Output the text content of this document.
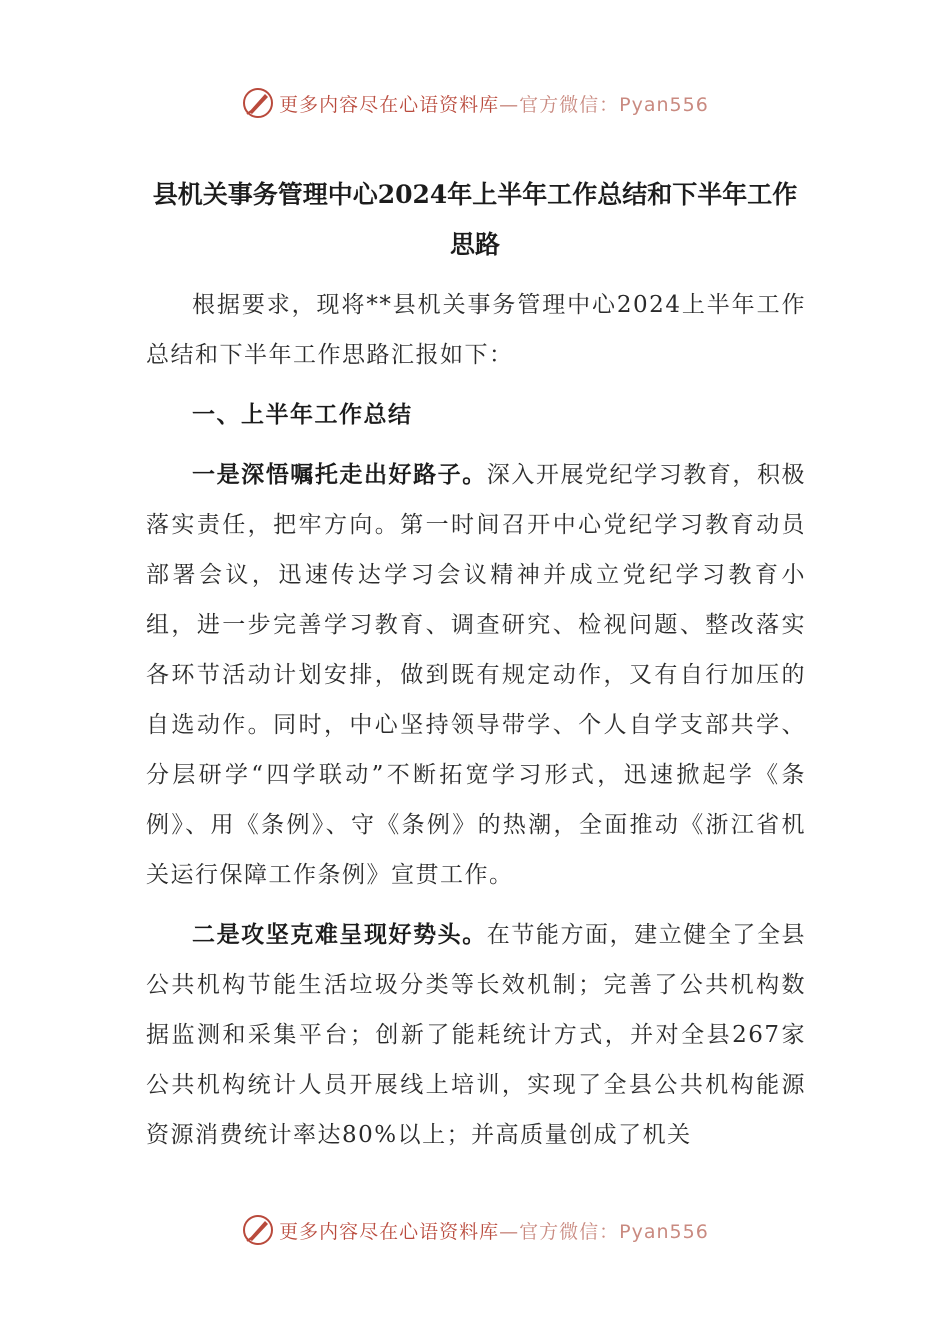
更多内容尽在心语资料库—官方微信：Pyan556
县机关事务管理中心2024年上半年工作总结和下半年工作
思路

根据要求，现将**县机关事务管理中心2024上半年工作总结和下半年工作思路汇报如下：

一、上半年工作总结

一是深悟嘱托走出好路子。深入开展党纪学习教育，积极落实责任，把牢方向。第一时间召开中心党纪学习教育动员部署会议，迅速传达学习会议精神并成立党纪学习教育小组，进一步完善学习教育、调查研究、检视问题、整改落实各环节活动计划安排，做到既有规定动作，又有自行加压的自选动作。同时，中心坚持领导带学、个人自学支部共学、分层研学“四学联动”不断拓宽学习形式，迅速掀起学《条例》、用《条例》、守《条例》的热潮，全面推动《浙江省机关运行保障工作条例》宣贯工作。

二是攻坚克难呈现好势头。在节能方面，建立健全了全县公共机构节能生活垃圾分类等长效机制；完善了公共机构数据监测和采集平台；创新了能耗统计方式，并对全县267家公共机构统计人员开展线上培训，实现了全县公共机构能源资源消费统计率达80%以上；并高质量创成了机关

更多内容尽在心语资料库—官方微信：Pyan556
